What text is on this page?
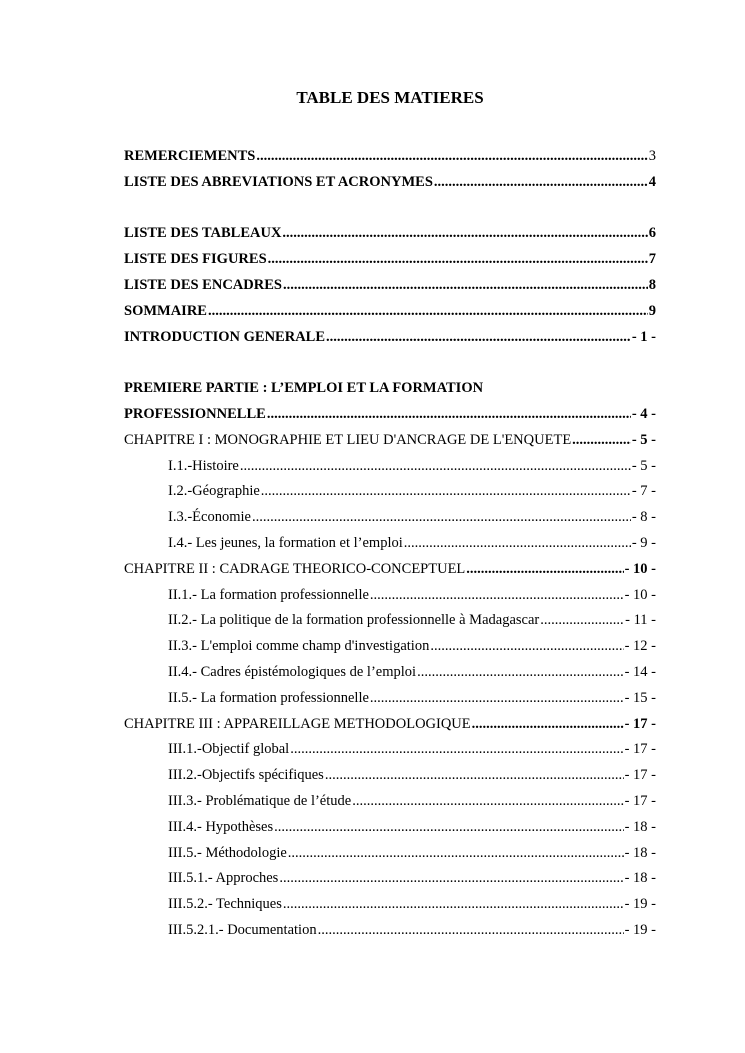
TABLE DES MATIERES
REMERCIEMENTS .....	3
LISTE DES ABREVIATIONS ET ACRONYMES .....	4
LISTE DES TABLEAUX .....	6
LISTE DES FIGURES .....	7
LISTE DES ENCADRES .....	8
SOMMAIRE .....	9
INTRODUCTION GENERALE .....	- 1 -
PREMIERE PARTIE : L’EMPLOI ET LA FORMATION
PROFESSIONNELLE .....	- 4 -
CHAPITRE I : MONOGRAPHIE ET LIEU D'ANCRAGE DE L'ENQUETE .....	- 5 -
I.1.-Histoire .....	- 5 -
I.2.-Géographie .....	- 7 -
I.3.-Économie .....	- 8 -
I.4.- Les jeunes, la formation et l’emploi .....	- 9 -
CHAPITRE II : CADRAGE THEORICO-CONCEPTUEL .....	- 10 -
II.1.- La formation professionnelle .....	- 10 -
II.2.- La politique de la formation professionnelle à Madagascar .....	- 11 -
II.3.- L'emploi comme champ d'investigation .....	- 12 -
II.4.- Cadres épistémologiques de l’emploi .....	- 14 -
II.5.- La formation professionnelle .....	- 15 -
CHAPITRE III : APPAREILLAGE METHODOLOGIQUE .....	- 17 -
III.1.-Objectif global .....	- 17 -
III.2.-Objectifs spécifiques .....	- 17 -
III.3.- Problématique de l’étude .....	- 17 -
III.4.- Hypothèses .....	- 18 -
III.5.- Méthodologie .....	- 18 -
III.5.1.- Approches .....	- 18 -
III.5.2.- Techniques .....	- 19 -
III.5.2.1.- Documentation .....	- 19 -
